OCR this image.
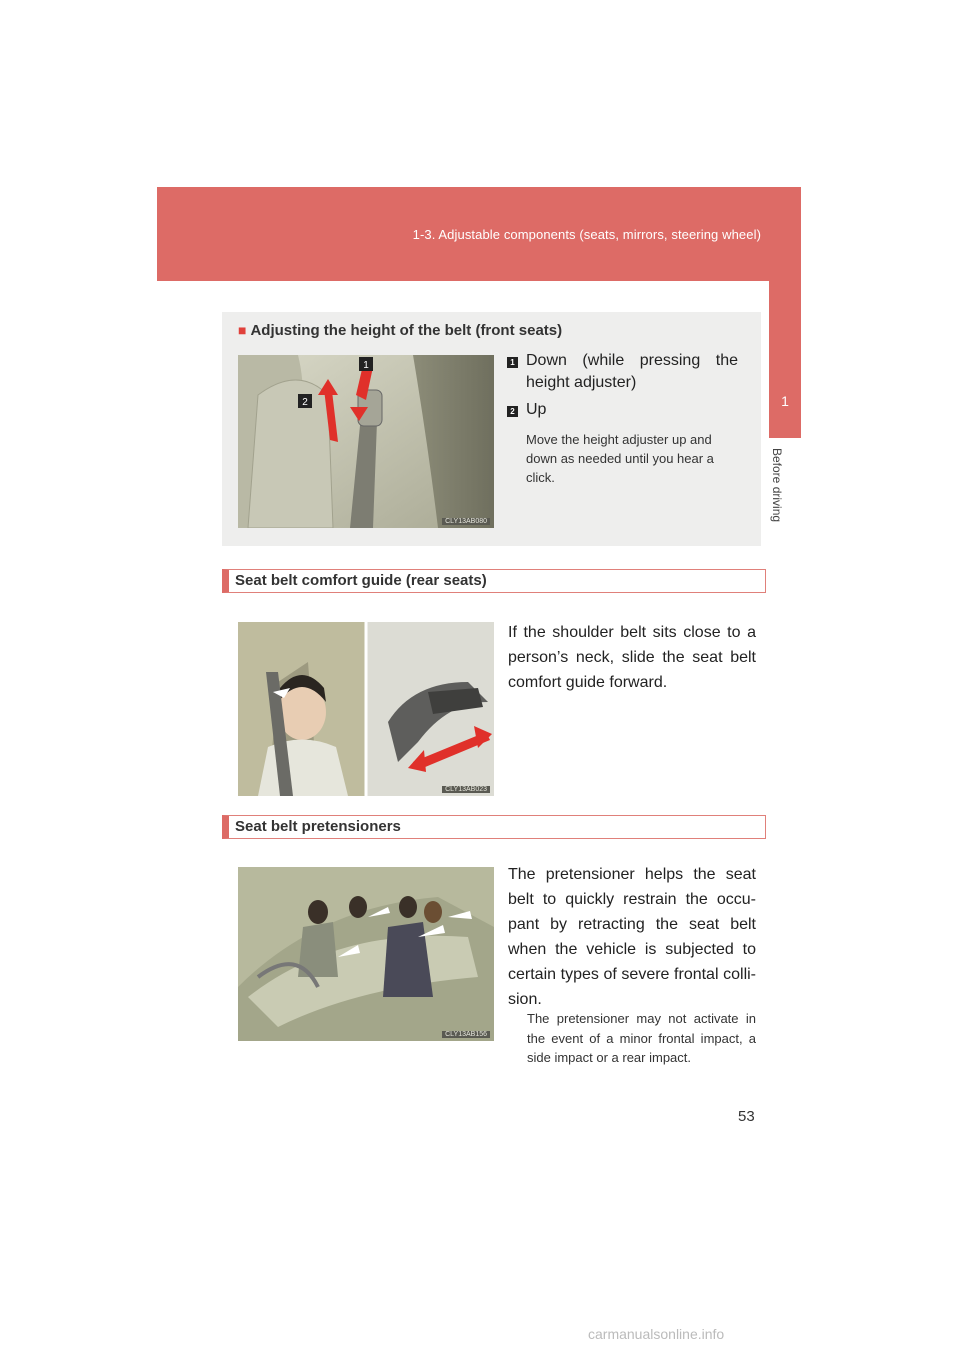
1-3. Adjustable components (seats, mirrors, steering wheel)
1
Before driving
■ Adjusting the height of the belt (front seats)
1
2
CLY13AB080
1 Down (while pressing the height adjuster)
2 Up
Move the height adjuster up and down as needed until you hear a click.
Seat belt comfort guide (rear seats)
CLY13AB023
If the shoulder belt sits close to a person’s neck, slide the seat belt comfort guide forward.
Seat belt pretensioners
CLY13AB156
The pretensioner helps the seat belt to quickly restrain the occu- pant by retracting the seat belt when the vehicle is subjected to certain types of severe frontal colli- sion.
The pretensioner may not activate in the event of a minor frontal impact, a side impact or a rear impact.
53
carmanualsonline.info
